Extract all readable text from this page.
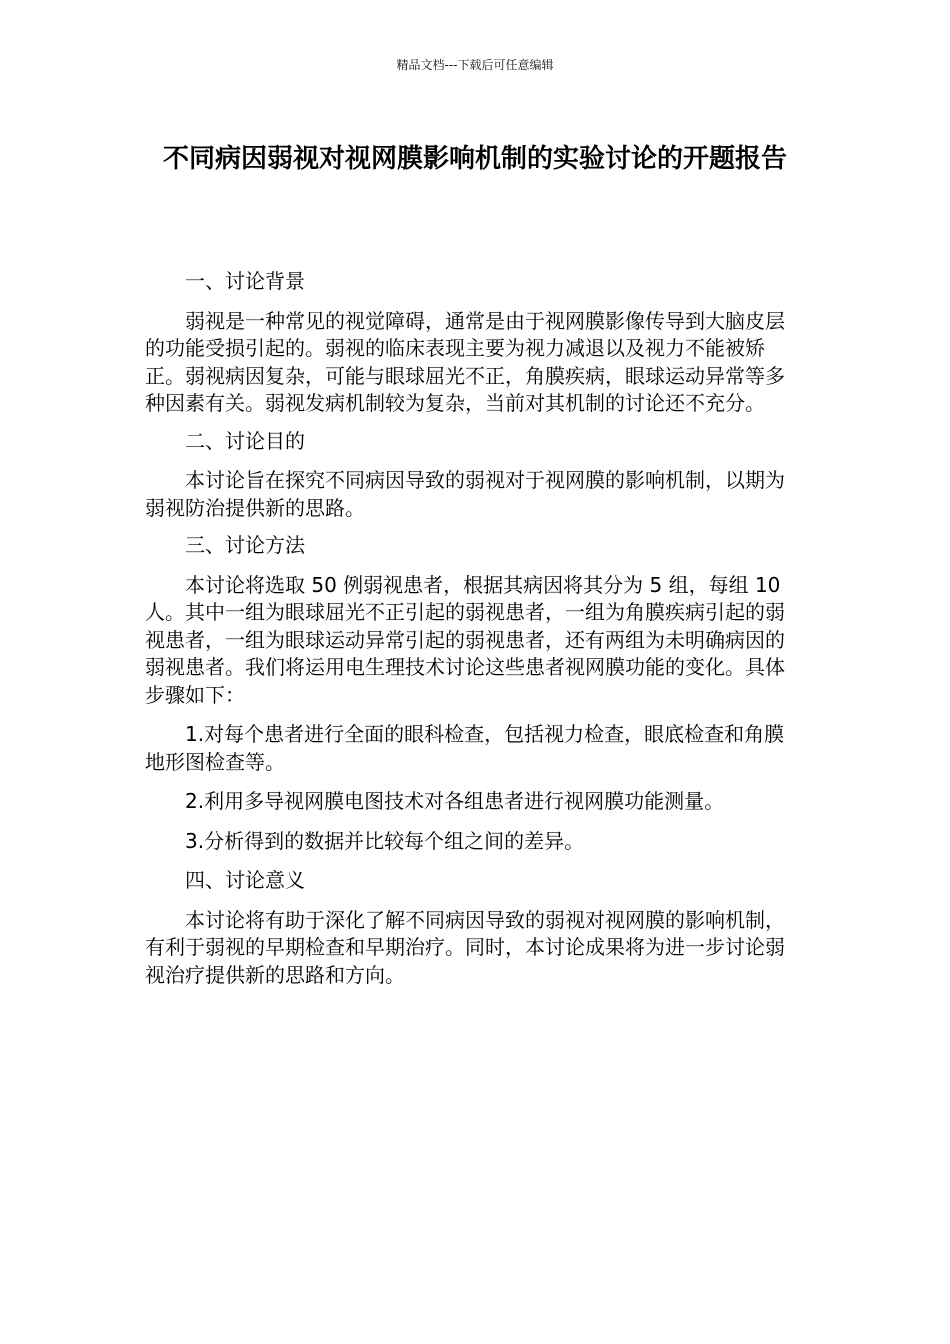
精品文档---下载后可任意编辑
不同病因弱视对视网膜影响机制的实验讨论的开题报告

一、讨论背景

弱视是一种常见的视觉障碍，通常是由于视网膜影像传导到大脑皮层的功能受损引起的。弱视的临床表现主要为视力减退以及视力不能被矫正。弱视病因复杂，可能与眼球屈光不正，角膜疾病，眼球运动异常等多种因素有关。弱视发病机制较为复杂，当前对其机制的讨论还不充分。

二、讨论目的

本讨论旨在探究不同病因导致的弱视对于视网膜的影响机制，以期为弱视防治提供新的思路。

三、讨论方法

本讨论将选取 50 例弱视患者，根据其病因将其分为 5 组，每组 10 人。其中一组为眼球屈光不正引起的弱视患者，一组为角膜疾病引起的弱视患者，一组为眼球运动异常引起的弱视患者，还有两组为未明确病因的弱视患者。我们将运用电生理技术讨论这些患者视网膜功能的变化。具体步骤如下：

1.对每个患者进行全面的眼科检查，包括视力检查，眼底检查和角膜地形图检查等。

2.利用多导视网膜电图技术对各组患者进行视网膜功能测量。

3.分析得到的数据并比较每个组之间的差异。

四、讨论意义

本讨论将有助于深化了解不同病因导致的弱视对视网膜的影响机制，有利于弱视的早期检查和早期治疗。同时，本讨论成果将为进一步讨论弱视治疗提供新的思路和方向。
